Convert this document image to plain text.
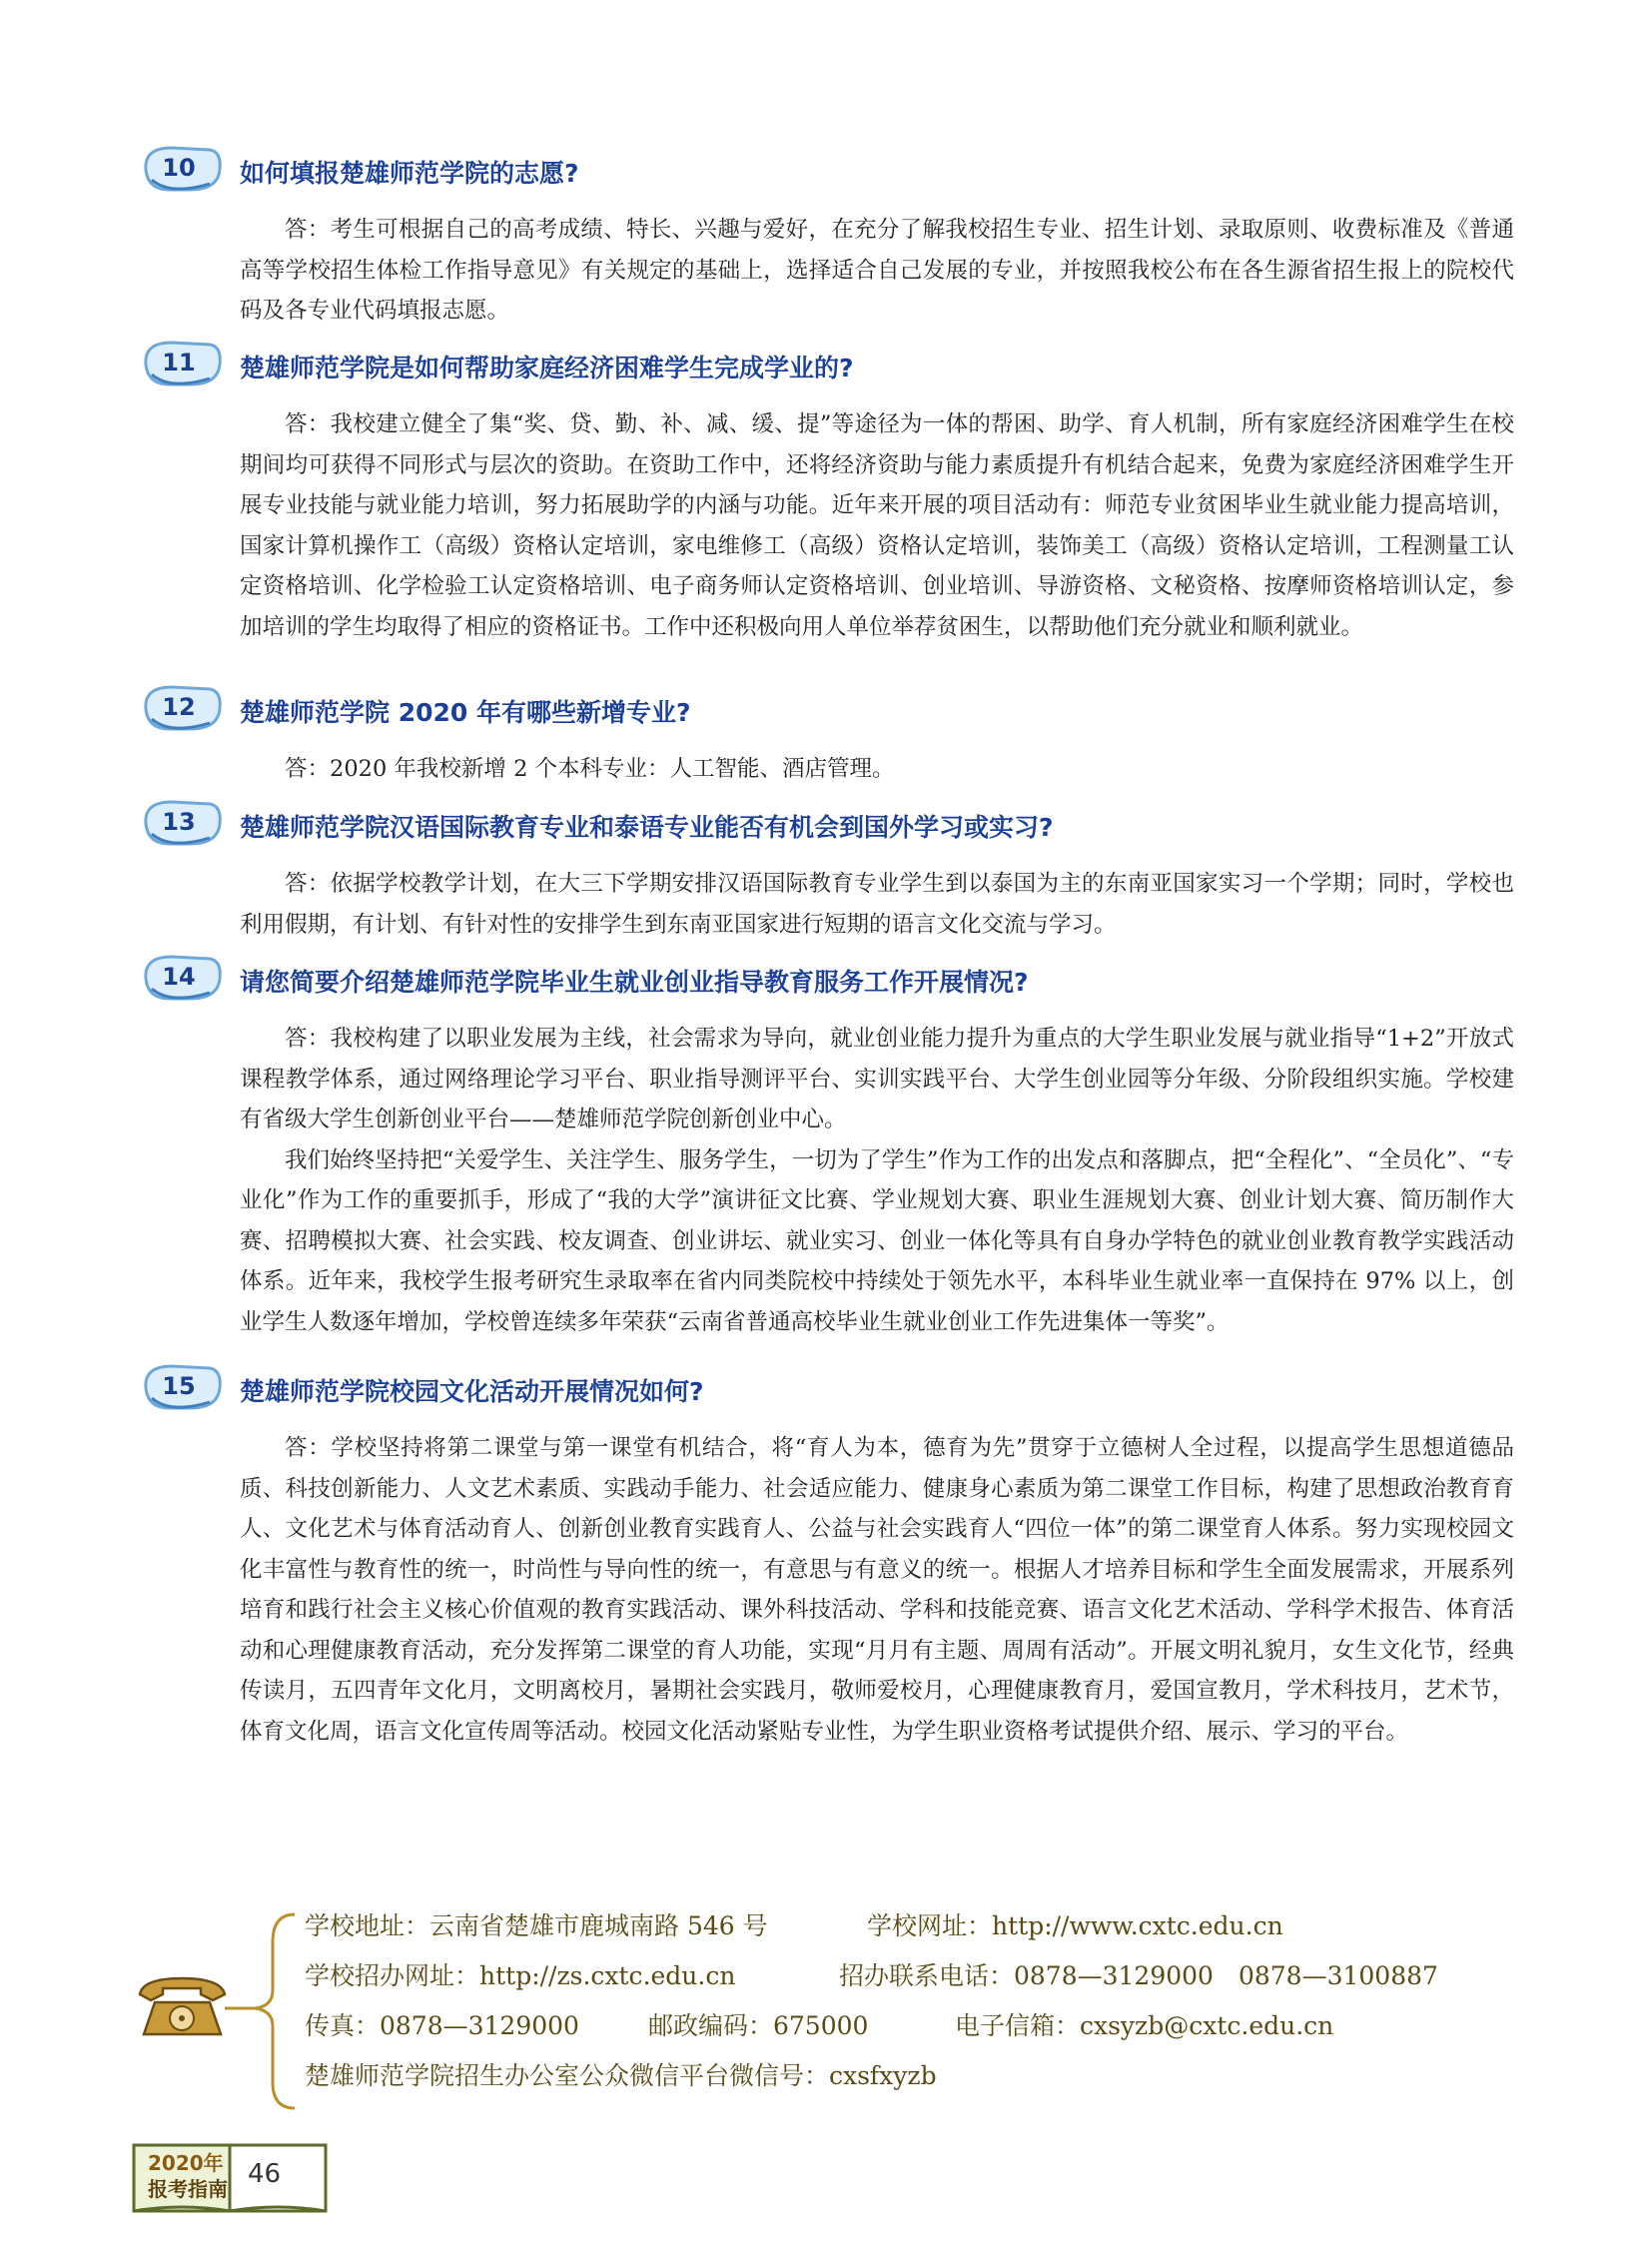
10	如何填报楚雄师范学院的志愿?

答：考生可根据自己的高考成绩、特长、兴趣与爱好，在充分了解我校招生专业、招生计划、录取原则、收费标准及《普通高等学校招生体检工作指导意见》有关规定的基础上，选择适合自己发展的专业，并按照我校公布在各生源省招生报上的院校代码及各专业代码填报志愿。

11	楚雄师范学院是如何帮助家庭经济困难学生完成学业的?

答：我校建立健全了集“奖、贷、勤、补、减、缓、提”等途径为一体的帮困、助学、育人机制，所有家庭经济困难学生在校期间均可获得不同形式与层次的资助。在资助工作中，还将经济资助与能力素质提升有机结合起来，免费为家庭经济困难学生开展专业技能与就业能力培训，努力拓展助学的内涵与功能。近年来开展的项目活动有：师范专业贫困毕业生就业能力提高培训，国家计算机操作工（高级）资格认定培训，家电维修工（高级）资格认定培训，装饰美工（高级）资格认定培训，工程测量工认定资格培训、化学检验工认定资格培训、电子商务师认定资格培训、创业培训、导游资格、文秘资格、按摩师资格培训认定，参加培训的学生均取得了相应的资格证书。工作中还积极向用人单位举荐贫困生，以帮助他们充分就业和顺利就业。

12	楚雄师范学院 2020 年有哪些新增专业?

答：2020 年我校新增 2 个本科专业：人工智能、酒店管理。

13	楚雄师范学院汉语国际教育专业和泰语专业能否有机会到国外学习或实习?

答：依据学校教学计划，在大三下学期安排汉语国际教育专业学生到以泰国为主的东南亚国家实习一个学期；同时，学校也利用假期，有计划、有针对性的安排学生到东南亚国家进行短期的语言文化交流与学习。

14	请您简要介绍楚雄师范学院毕业生就业创业指导教育服务工作开展情况?

答：我校构建了以职业发展为主线，社会需求为导向，就业创业能力提升为重点的大学生职业发展与就业指导“1+2”开放式课程教学体系，通过网络理论学习平台、职业指导测评平台、实训实践平台、大学生创业园等分年级、分阶段组织实施。学校建有省级大学生创新创业平台——楚雄师范学院创新创业中心。

我们始终坚持把“关爱学生、关注学生、服务学生，一切为了学生”作为工作的出发点和落脚点，把“全程化”、“全员化”、“专业化”作为工作的重要抓手，形成了“我的大学”演讲征文比赛、学业规划大赛、职业生涯规划大赛、创业计划大赛、简历制作大赛、招聘模拟大赛、社会实践、校友调查、创业讲坛、就业实习、创业一体化等具有自身办学特色的就业创业教育教学实践活动体系。近年来，我校学生报考研究生录取率在省内同类院校中持续处于领先水平，本科毕业生就业率一直保持在 97% 以上，创业学生人数逐年增加，学校曾连续多年荣获“云南省普通高校毕业生就业创业工作先进集体一等奖”。

15	楚雄师范学院校园文化活动开展情况如何?

答：学校坚持将第二课堂与第一课堂有机结合，将“育人为本，德育为先”贯穿于立德树人全过程，以提高学生思想道德品质、科技创新能力、人文艺术素质、实践动手能力、社会适应能力、健康身心素质为第二课堂工作目标，构建了思想政治教育育人、文化艺术与体育活动育人、创新创业教育实践育人、公益与社会实践育人“四位一体”的第二课堂育人体系。努力实现校园文化丰富性与教育性的统一，时尚性与导向性的统一，有意思与有意义的统一。根据人才培养目标和学生全面发展需求，开展系列培育和践行社会主义核心价值观的教育实践活动、课外科技活动、学科和技能竞赛、语言文化艺术活动、学科学术报告、体育活动和心理健康教育活动，充分发挥第二课堂的育人功能，实现“月月有主题、周周有活动”。开展文明礼貌月，女生文化节，经典传读月，五四青年文化月，文明离校月，暑期社会实践月，敬师爱校月，心理健康教育月，爱国宣教月，学术科技月，艺术节，体育文化周，语言文化宣传周等活动。校园文化活动紧贴专业性，为学生职业资格考试提供介绍、展示、学习的平台。

学校地址：云南省楚雄市鹿城南路 546 号	学校网址：http://www.cxtc.edu.cn
学校招办网址：http://zs.cxtc.edu.cn	招办联系电话：0878—3129000　0878—3100887
传真：0878—3129000	邮政编码：675000	电子信箱：cxsyzb@cxtc.edu.cn
楚雄师范学院招生办公室公众微信平台微信号：cxsfxyzb
2020年
报考指南 46
